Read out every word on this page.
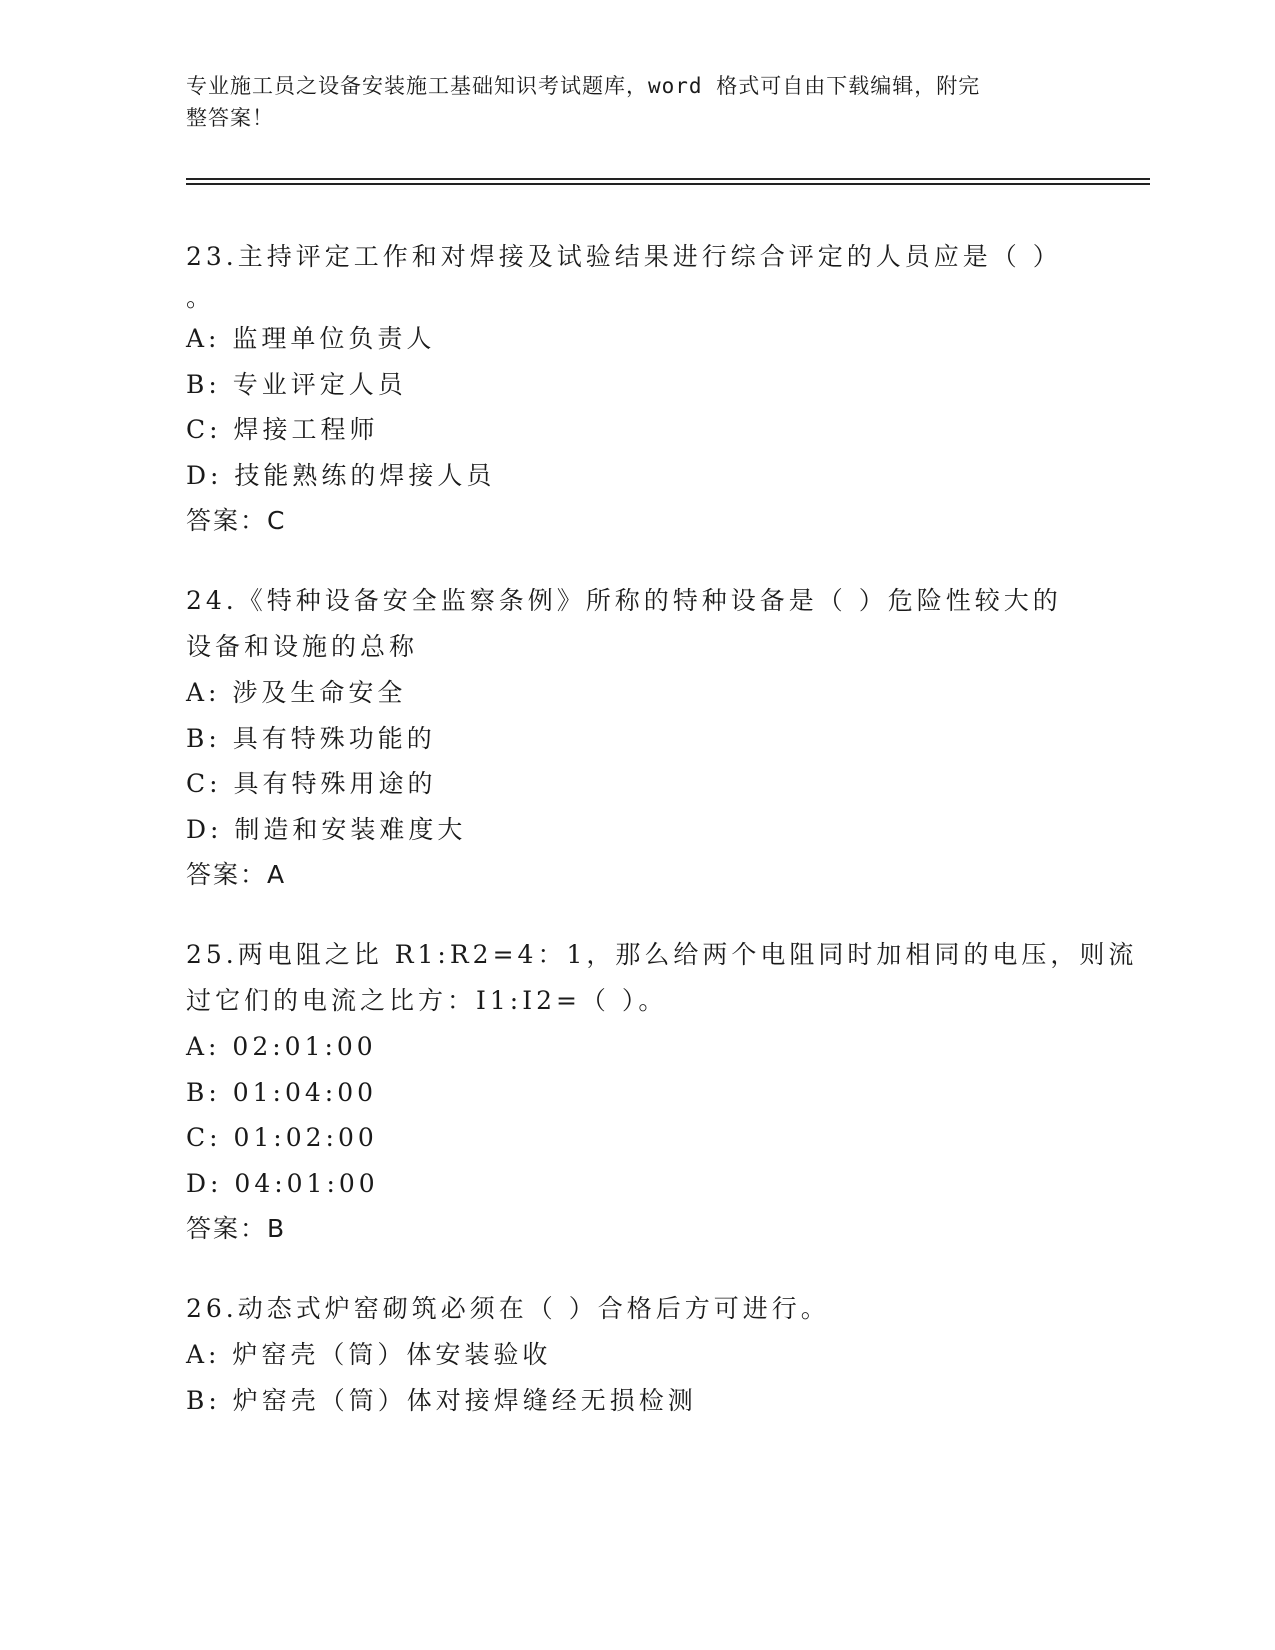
专业施工员之设备安装施工基础知识考试题库，word 格式可自由下载编辑，附完
整答案！
23.主持评定工作和对焊接及试验结果进行综合评定的人员应是（ ）
。
A: 监理单位负责人
B: 专业评定人员
C: 焊接工程师
D: 技能熟练的焊接人员
答案：C
24.《特种设备安全监察条例》所称的特种设备是（ ）危险性较大的
设备和设施的总称
A: 涉及生命安全
B: 具有特殊功能的
C: 具有特殊用途的
D: 制造和安装难度大
答案：A
25.两电阻之比 R1:R2=4：1，那么给两个电阻同时加相同的电压，则流
过它们的电流之比方：I1:I2=（ ）。
A: 02:01:00
B: 01:04:00
C: 01:02:00
D: 04:01:00
答案：B
26.动态式炉窑砌筑必须在（ ）合格后方可进行。
A: 炉窑壳（筒）体安装验收
B: 炉窑壳（筒）体对接焊缝经无损检测
